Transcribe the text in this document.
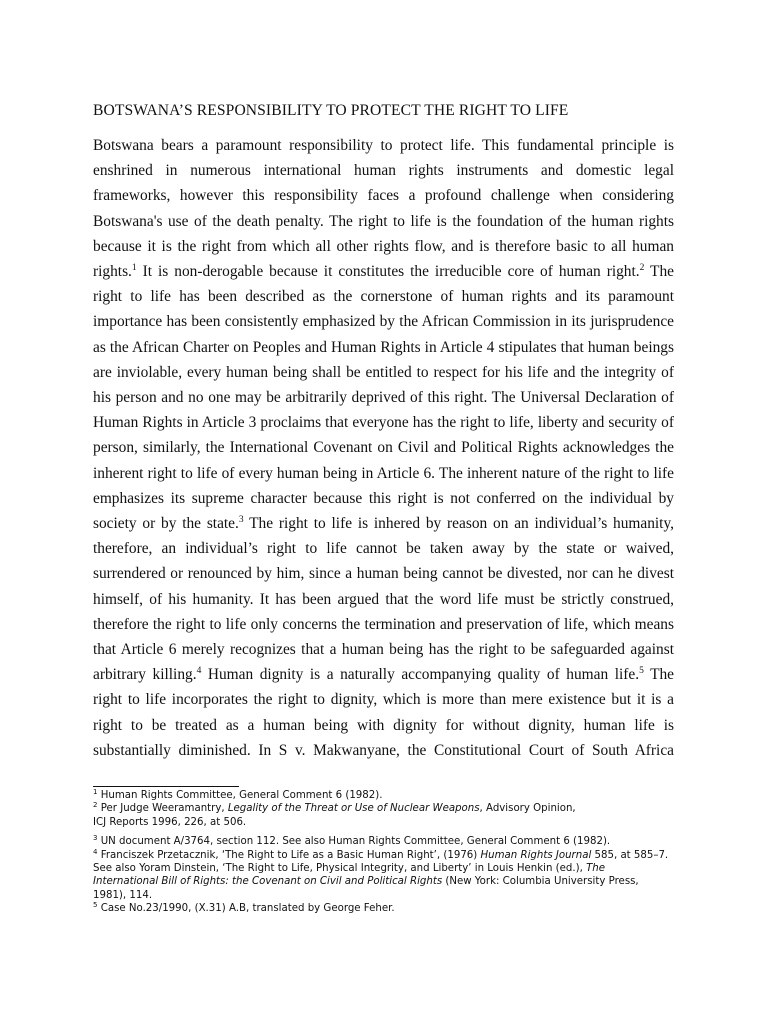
BOTSWANA’S RESPONSIBILITY TO PROTECT THE RIGHT TO LIFE
Botswana bears a paramount responsibility to protect life. This fundamental principle is enshrined in numerous international human rights instruments and domestic legal frameworks, however this responsibility faces a profound challenge when considering Botswana's use of the death penalty. The right to life is the foundation of the human rights because it is the right from which all other rights flow, and is therefore basic to all human rights.$^1$ It is non-derogable because it constitutes the irreducible core of human right.$^2$ The right to life has been described as the cornerstone of human rights and its paramount importance has been consistently emphasized by the African Commission in its jurisprudence as the African Charter on Peoples and Human Rights in Article 4 stipulates that human beings are inviolable, every human being shall be entitled to respect for his life and the integrity of his person and no one may be arbitrarily deprived of this right. The Universal Declaration of Human Rights in Article 3 proclaims that everyone has the right to life, liberty and security of person, similarly, the International Covenant on Civil and Political Rights acknowledges the inherent right to life of every human being in Article 6. The inherent nature of the right to life emphasizes its supreme character because this right is not conferred on the individual by society or by the state.$^3$ The right to life is inhered by reason on an individual’s humanity, therefore, an individual’s right to life cannot be taken away by the state or waived, surrendered or renounced by him, since a human being cannot be divested, nor can he divest himself, of his humanity. It has been argued that the word life must be strictly construed, therefore the right to life only concerns the termination and preservation of life, which means that Article 6 merely recognizes that a human being has the right to be safeguarded against arbitrary killing.$^4$ Human dignity is a naturally accompanying quality of human life.$^5$ The right to life incorporates the right to dignity, which is more than mere existence but it is a right to be treated as a human being with dignity for without dignity, human life is substantially diminished. In S v. Makwanyane, the Constitutional Court of South Africa
$^1$ Human Rights Committee, General Comment 6 (1982).
$^2$ Per Judge Weeramantry, Legality of the Threat or Use of Nuclear Weapons, Advisory Opinion,
ICJ Reports 1996, 226, at 506.
$^3$ UN document A/3764, section 112. See also Human Rights Committee, General Comment 6 (1982).
$^4$ Franciszek Przetacznik, ‘The Right to Life as a Basic Human Right’, (1976) Human Rights Journal 585, at 585–7.
See also Yoram Dinstein, ‘The Right to Life, Physical Integrity, and Liberty’ in Louis Henkin (ed.), The
International Bill of Rights: the Covenant on Civil and Political Rights (New York: Columbia University Press,
1981), 114.
$^5$ Case No.23/1990, (X.31) A.B, translated by George Feher.
